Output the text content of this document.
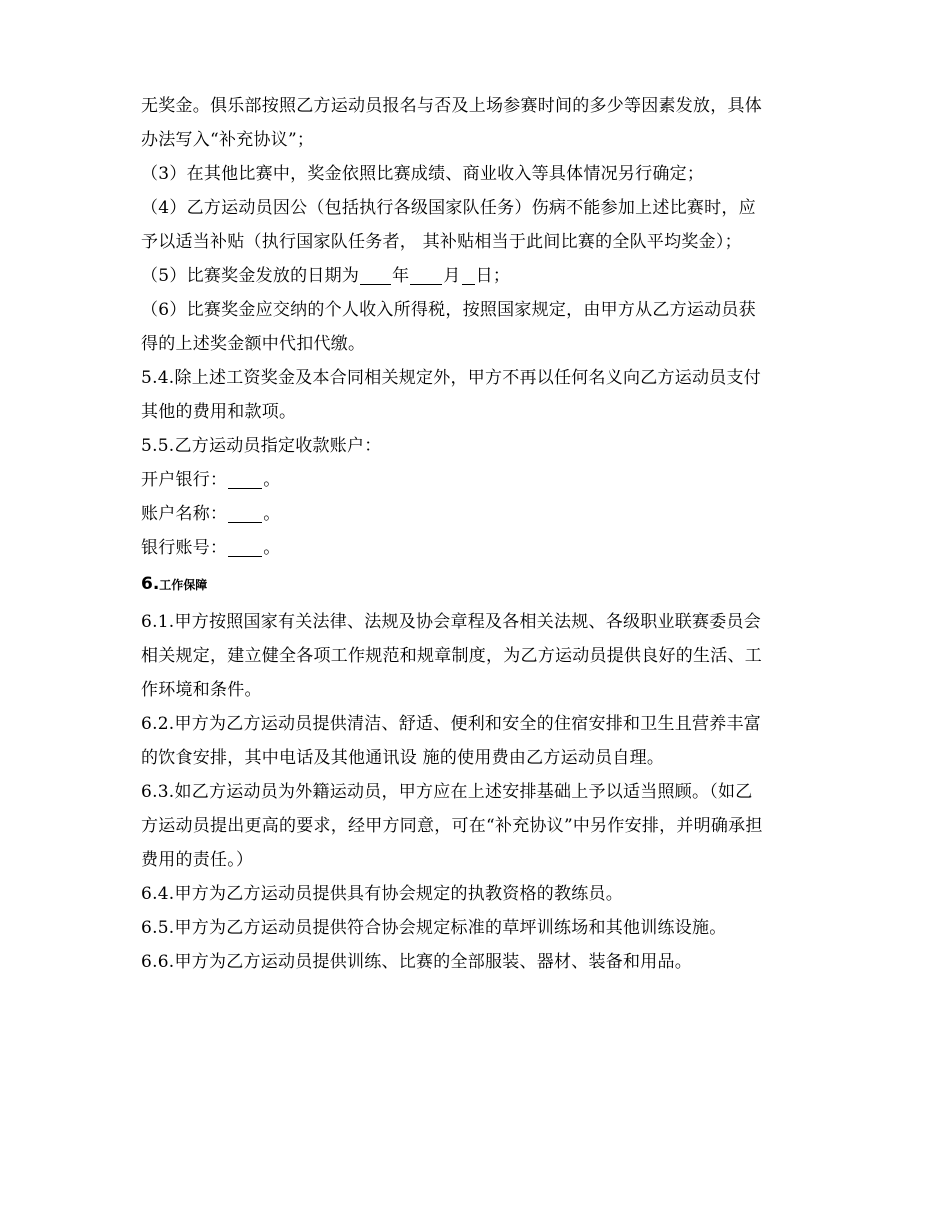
无奖金。俱乐部按照乙方运动员报名与否及上场参赛时间的多少等因素发放，具体
办法写入“补充协议”；
（3）在其他比赛中，奖金依照比赛成绩、商业收入等具体情况另行确定；
（4）乙方运动员因公（包括执行各级国家队任务）伤病不能参加上述比赛时，应
予以适当补贴（执行国家队任务者， 其补贴相当于此间比赛的全队平均奖金）；
（5）比赛奖金发放的日期为 年 月 日；
（6）比赛奖金应交纳的个人收入所得税，按照国家规定，由甲方从乙方运动员获
得的上述奖金额中代扣代缴。
5.4.除上述工资奖金及本合同相关规定外，甲方不再以任何名义向乙方运动员支付
其他的费用和款项。
5.5.乙方运动员指定收款账户：
开户银行： 。
账户名称： 。
银行账号： 。
6.工作保障
6.1.甲方按照国家有关法律、法规及协会章程及各相关法规、各级职业联赛委员会
相关规定，建立健全各项工作规范和规章制度，为乙方运动员提供良好的生活、工
作环境和条件。
6.2.甲方为乙方运动员提供清洁、舒适、便利和安全的住宿安排和卫生且营养丰富
的饮食安排，其中电话及其他通讯设 施的使用费由乙方运动员自理。
6.3.如乙方运动员为外籍运动员，甲方应在上述安排基础上予以适当照顾。（如乙
方运动员提出更高的要求，经甲方同意，可在“补充协议”中另作安排，并明确承担
费用的责任。）
6.4.甲方为乙方运动员提供具有协会规定的执教资格的教练员。
6.5.甲方为乙方运动员提供符合协会规定标准的草坪训练场和其他训练设施。
6.6.甲方为乙方运动员提供训练、比赛的全部服装、器材、装备和用品。
